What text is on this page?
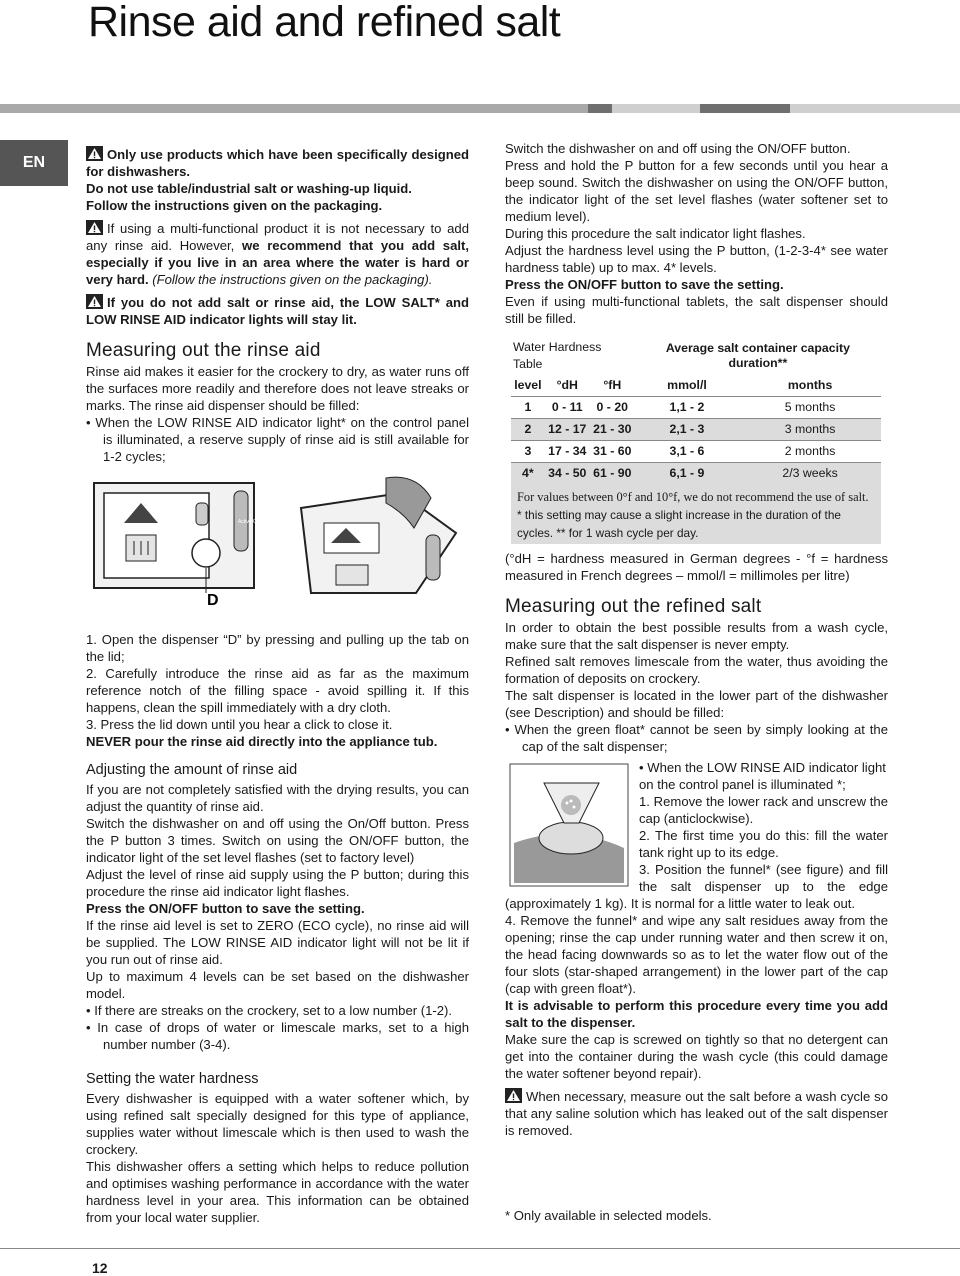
Rinse aid and refined salt
EN	Only use products which have been specifically designed for dishwashers.

Do not use table/industrial salt or washing-up liquid.

Follow the instructions given on the packaging.

If using a multi-functional product it is not necessary to add any rinse aid. However, we recommend that you add salt, especially if you live in an area where the water is hard or very hard. (Follow the instructions given on the packaging).

If you do not add salt or rinse aid, the LOW SALT* and LOW RINSE AID indicator lights will stay lit.

Measuring out the rinse aid

Rinse aid makes it easier for the crockery to dry, as water runs off the surfaces more readily and therefore does not leave streaks or marks. The rinse aid dispenser should be filled:

• When the LOW RINSE AID indicator light* on the control panel is illuminated, a reserve supply of rinse aid is still available for 1-2 cycles;

Active Oxygen
D

1. Open the dispenser “D” by pressing and pulling up the tab on the lid;

2. Carefully introduce the rinse aid as far as the maximum reference notch of the filling space - avoid spilling it. If this happens, clean the spill immediately with a dry cloth.

3. Press the lid down until you hear a click to close it.

NEVER pour the rinse aid directly into the appliance tub.

Adjusting the amount of rinse aid

If you are not completely satisfied with the drying results, you can adjust the quantity of rinse aid.

Switch the dishwasher on and off using the On/Off button. Press the P button 3 times. Switch on using the ON/OFF button, the indicator light of the set level flashes (set to factory level)

Adjust the level of rinse aid supply using the P button; during this procedure the rinse aid indicator light flashes.

Press the ON/OFF button to save the setting.

If the rinse aid level is set to ZERO (ECO cycle), no rinse aid will be supplied. The LOW RINSE AID indicator light will not be lit if you run out of rinse aid.

Up to maximum 4 levels can be set based on the dishwasher model.

• If there are streaks on the crockery, set to a low number (1-2).

• In case of drops of water or limescale marks, set to a high number number (3-4).

Setting the water hardness

Every dishwasher is equipped with a water softener which, by using refined salt specially designed for this type of appliance, supplies water without limescale which is then used to wash the crockery.

This dishwasher offers a setting which helps to reduce pollution and optimises washing performance in accordance with the water hardness level in your area. This information can be obtained from your local water supplier.

Switch the dishwasher on and off using the ON/OFF button.

Press and hold the P button for a few seconds until you hear a beep sound. Switch the dishwasher on using the ON/OFF button, the indicator light of the set level flashes (water softener set to medium level).

During this procedure the salt indicator light flashes.

Adjust the hardness level using the P button, (1-2-3-4* see water hardness table) up to max. 4* levels.

Press the ON/OFF button to save the setting.

Even if using multi-functional tablets, the salt dispenser should still be filled.

Water Hardness Table			Average salt container capacity duration**	
level	°dH	°fH	mmol/l	months
1	0 - 11	0 - 20	1,1 - 2	5 months
2	12 - 17	21 - 30	2,1 - 3	3 months
3	17 - 34	31 - 60	3,1 - 6	2 months
4*	34 - 50	61 - 90	6,1 - 9	2/3 weeks
For values between 0°f and 10°f, we do not recommend the use of salt.
* this setting may cause a slight increase in the duration of the cycles. ** for 1 wash cycle per day.

(°dH = hardness measured in German degrees - °f = hardness measured in French degrees – mmol/l = millimoles per litre)

Measuring out the refined salt

In order to obtain the best possible results from a wash cycle, make sure that the salt dispenser is never empty.

Refined salt removes limescale from the water, thus avoiding the formation of deposits on crockery.

The salt dispenser is located in the lower part of the dishwasher (see Description) and should be filled:

• When the green float* cannot be seen by simply looking at the cap of the salt dispenser;

• When the LOW RINSE AID indicator light on the control panel is illuminated *;

1. Remove the lower rack and unscrew the cap (anticlockwise).

2. The first time you do this: fill the water tank right up to its edge.

3. Position the funnel* (see figure) and fill the salt dispenser up to the edge (approximately 1 kg). It is normal for a little water to leak out.

4. Remove the funnel* and wipe any salt residues away from the opening; rinse the cap under running water and then screw it on, the head facing downwards so as to let the water flow out of the four slots (star-shaped arrangement) in the lower part of the cap (cap with green float*).

It is advisable to perform this procedure every time you add salt to the dispenser.

Make sure the cap is screwed on tightly so that no detergent can get into the container during the wash cycle (this could damage the water softener beyond repair).

When necessary, measure out the salt before a wash cycle so that any saline solution which has leaked out of the salt dispenser is removed.

* Only available in selected models.
12
